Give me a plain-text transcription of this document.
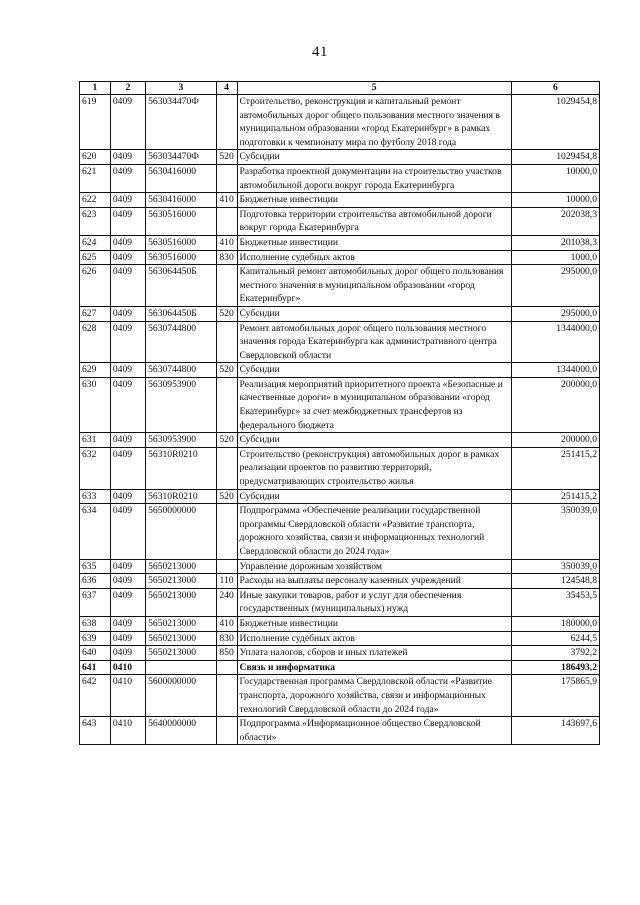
41
1	2	3	4	5	6
619	0409	563034470Ф		Строительство, реконструкция и капитальный ремонт автомобильных дорог общего пользования местного значения в муниципальном образовании «город Екатеринбург» в рамках подготовки к чемпионату мира по футболу 2018 года	1029454,8
620	0409	563034470Ф	520	Субсидии	1029454,8
621	0409	5630416000		Разработка проектной документации на строительство участков автомобильной дороги вокруг города Екатеринбурга	10000,0
622	0409	5630416000	410	Бюджетные инвестиции	10000,0
623	0409	5630516000		Подготовка территории строительства автомобильной дороги вокруг города Екатеринбурга	202038,3
624	0409	5630516000	410	Бюджетные инвестиции	201038,3
625	0409	5630516000	830	Исполнение судебных актов	1000,0
626	0409	563064450Б		Капитальный ремонт автомобильных дорог общего пользования местного значения в муниципальном образовании «город Екатеринбург»	295000,0
627	0409	563064450Б	520	Субсидии	295000,0
628	0409	5630744800		Ремонт автомобильных дорог общего пользования местного значения города Екатеринбурга как административного центра Свердловской области	1344000,0
629	0409	5630744800	520	Субсидии	1344000,0
630	0409	5630953900		Реализация мероприятий приоритетного проекта «Безопасные и качественные дороги» в муниципальном образовании «город Екатеринбург» за счет межбюджетных трансфертов из федерального бюджета	200000,0
631	0409	5630953900	520	Субсидии	200000,0
632	0409	56310R0210		Строительство (реконструкция) автомобильных дорог в рамках реализации проектов по развитию территорий, предусматривающих строительство жилья	251415,2
633	0409	56310R0210	520	Субсидии	251415,2
634	0409	5650000000		Подпрограмма «Обеспечение реализации государственной программы Свердловской области «Развитие транспорта, дорожного хозяйства, связи и информационных технологий Свердловской области до 2024 года»	350039,0
635	0409	5650213000		Управление дорожным хозяйством	350039,0
636	0409	5650213000	110	Расходы на выплаты персоналу казенных учреждений	124548,8
637	0409	5650213000	240	Иные закупки товаров, работ и услуг для обеспечения государственных (муниципальных) нужд	35453,5
638	0409	5650213000	410	Бюджетные инвестиции	180000,0
639	0409	5650213000	830	Исполнение судебных актов	6244,5
640	0409	5650213000	850	Уплата налогов, сборов и иных платежей	3792,2
641	0410			Связь и информатика	186493,2
642	0410	5600000000		Государственная программа Свердловской области «Развитие транспорта, дорожного хозяйства, связи и информационных технологий Свердловской области до 2024 года»	175865,9
643	0410	5640000000		Подпрограмма «Информационное общество Свердловской области»	143697,6
